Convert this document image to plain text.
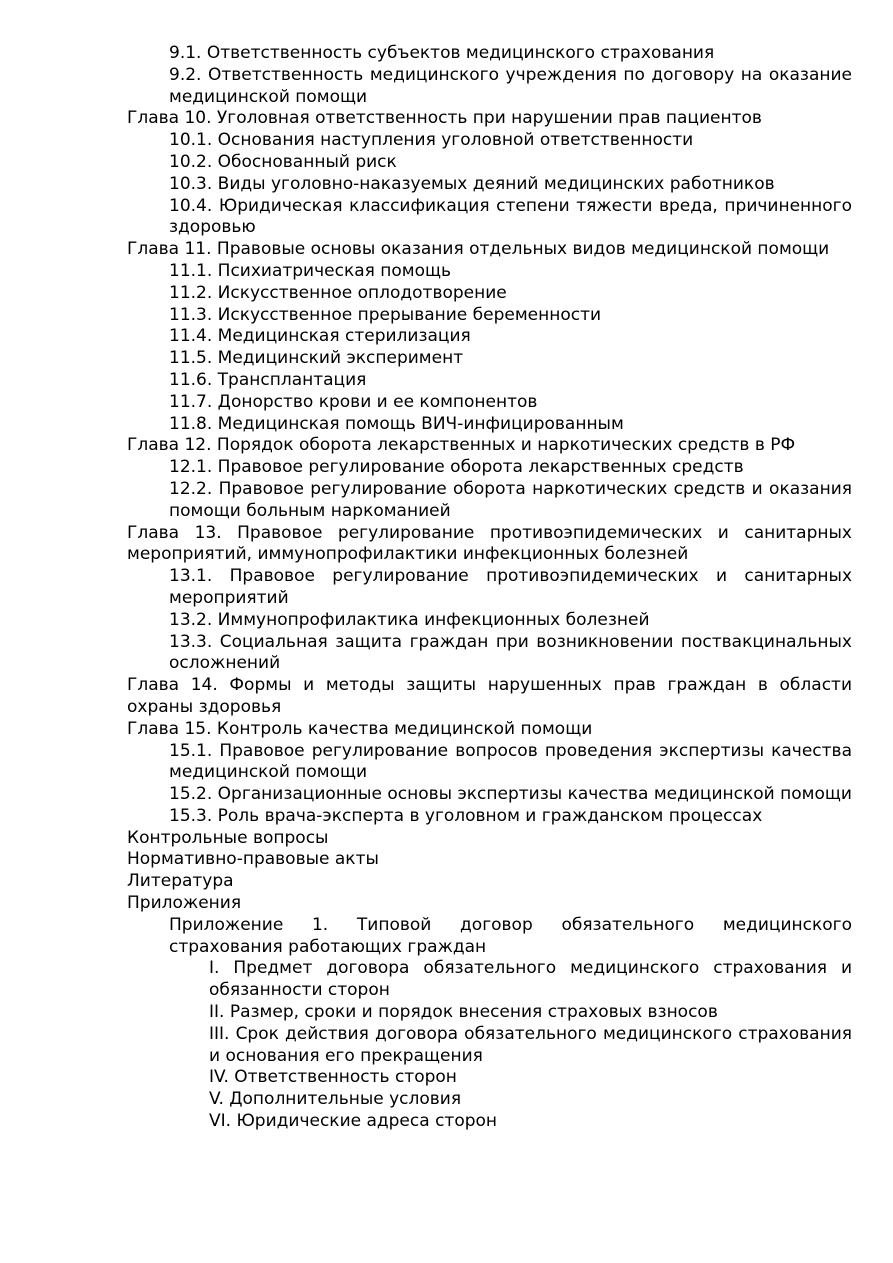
9.1. Ответственность субъектов медицинского страхования

9.2. Ответственность медицинского учреждения по договору на оказание медицинской помощи

Глава 10. Уголовная ответственность при нарушении прав пациентов

10.1. Основания наступления уголовной ответственности

10.2. Обоснованный риск

10.3. Виды уголовно-наказуемых деяний медицинских работников

10.4. Юридическая классификация степени тяжести вреда, причиненного здоровью

Глава 11. Правовые основы оказания отдельных видов медицинской помощи

11.1. Психиатрическая помощь

11.2. Искусственное оплодотворение

11.3. Искусственное прерывание беременности

11.4. Медицинская стерилизация

11.5. Медицинский эксперимент

11.6. Трансплантация

11.7. Донорство крови и ее компонентов

11.8. Медицинская помощь ВИЧ-инфицированным

Глава 12. Порядок оборота лекарственных и наркотических средств в РФ

12.1. Правовое регулирование оборота лекарственных средств

12.2. Правовое регулирование оборота наркотических средств и оказания помощи больным наркоманией

Глава 13. Правовое регулирование противоэпидемических и санитарных мероприятий, иммунопрофилактики инфекционных болезней

13.1. Правовое регулирование противоэпидемических и санитарных мероприятий

13.2. Иммунопрофилактика инфекционных болезней

13.3. Социальная защита граждан при возникновении поствакцинальных осложнений

Глава 14. Формы и методы защиты нарушенных прав граждан в области охраны здоровья

Глава 15. Контроль качества медицинской помощи

15.1. Правовое регулирование вопросов проведения экспертизы качества медицинской помощи

15.2. Организационные основы экспертизы качества медицинской помощи

15.3. Роль врача-эксперта в уголовном и гражданском процессах

Контрольные вопросы

Нормативно-правовые акты

Литература

Приложения

Приложение 1. Типовой договор обязательного медицинского страхования работающих граждан

I. Предмет договора обязательного медицинского страхования и обязанности сторон

II. Размер, сроки и порядок внесения страховых взносов

III. Срок действия договора обязательного медицинского страхования и основания его прекращения

IV. Ответственность сторон

V. Дополнительные условия

VI. Юридические адреса сторон
